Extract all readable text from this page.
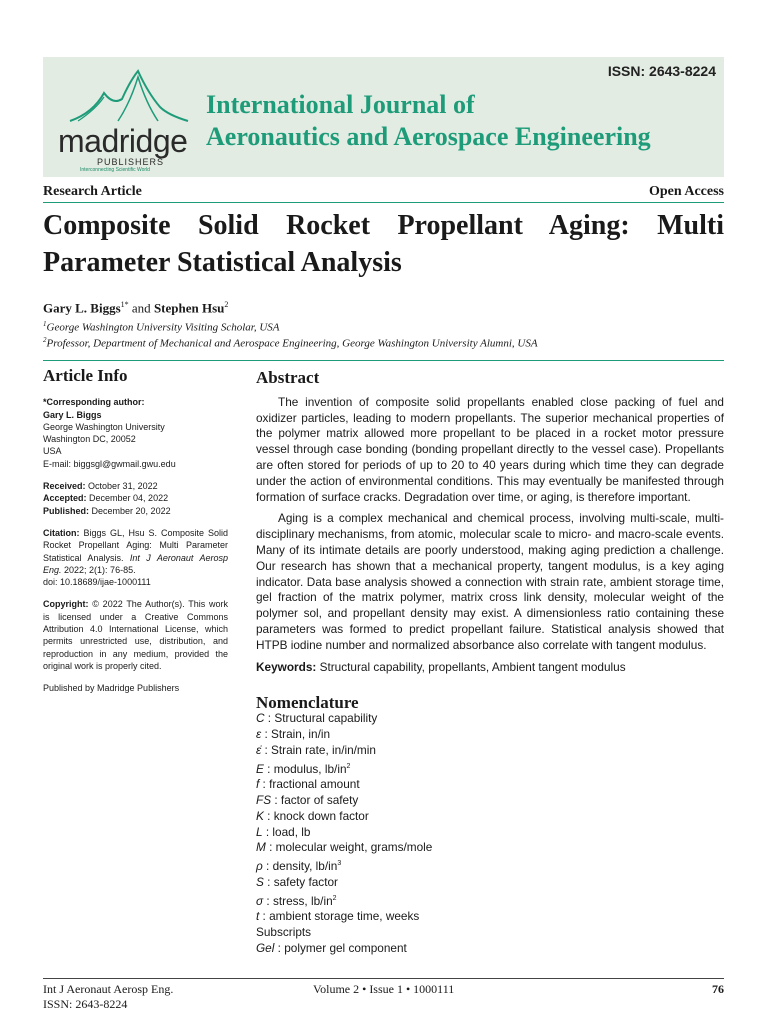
ISSN: 2643-8224
madridge
PUBLISHERS
Interconnecting Scientific World
International Journal of
Aeronautics and Aerospace Engineering
Research Article	Open Access
Composite Solid Rocket Propellant Aging: Multi Parameter Statistical Analysis
Gary L. Biggs$^{1*}$ and Stephen Hsu$^2$
$^1$George Washington University Visiting Scholar, USA
$^2$Professor, Department of Mechanical and Aerospace Engineering, George Washington University Alumni, USA
Article Info

*Corresponding author:
Gary L. Biggs
George Washington University
Washington DC, 20052
USA
E-mail: biggsgl@gwmail.gwu.edu

Received: October 31, 2022
Accepted: December 04, 2022
Published: December 20, 2022

Citation: Biggs GL, Hsu S. Composite Solid Rocket Propellant Aging: Multi Parameter Statistical Analysis. Int J Aeronaut Aerosp Eng. 2022; 2(1): 76-85.
doi: 10.18689/ijae-1000111

Copyright: © 2022 The Author(s). This work is licensed under a Creative Commons Attribution 4.0 International License, which permits unrestricted use, distribution, and reproduction in any medium, provided the original work is properly cited.

Published by Madridge Publishers

Abstract

The invention of composite solid propellants enabled close packing of fuel and oxidizer particles, leading to modern propellants. The superior mechanical properties of the polymer matrix allowed more propellant to be placed in a rocket motor pressure vessel through case bonding (bonding propellant directly to the vessel case). Propellants are often stored for periods of up to 20 to 40 years during which time they can degrade under the action of environmental conditions. This may eventually be manifested through formation of surface cracks. Degradation over time, or aging, is therefore important.

Aging is a complex mechanical and chemical process, involving multi-scale, multi-disciplinary mechanisms, from atomic, molecular scale to micro- and macro-scale events. Many of its intimate details are poorly understood, making aging prediction a challenge. Our research has shown that a mechanical property, tangent modulus, is a key aging indicator. Data base analysis showed a connection with strain rate, ambient storage time, gel fraction of the matrix polymer, matrix cross link density, molecular weight of the polymer sol, and propellant density may exist. A dimensionless ratio containing these parameters was formed to predict propellant failure. Statistical analysis showed that HTPB iodine number and normalized absorbance also correlate with tangent modulus.

Keywords: Structural capability, propellants, Ambient tangent modulus

Nomenclature
C : Structural capability
ε : Strain, in/in
ε̇ : Strain rate, in/in/min
E : modulus, $lb/in^2$
f : fractional amount
FS : factor of safety
K : knock down factor
L : load, lb
M : molecular weight, grams/mole
ρ : density, $lb/in^3$
S : safety factor
σ : stress, $lb/in^2$
t : ambient storage time, weeks
Subscripts
Gel : polymer gel component
Int J Aeronaut Aerosp Eng.
ISSN: 2643-8224
Volume 2 • Issue 1 • 1000111	76
